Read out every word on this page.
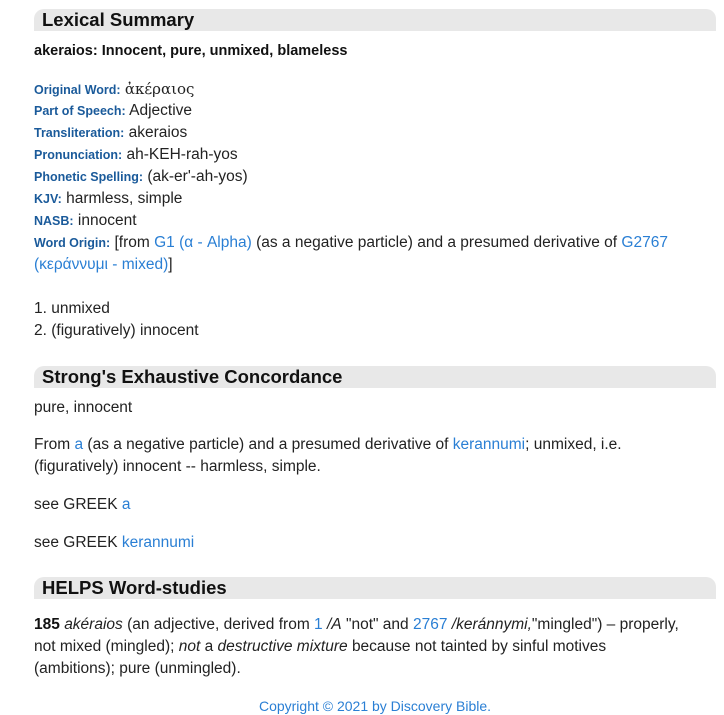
Lexical Summary
akeraios: Innocent, pure, unmixed, blameless
Original Word: ἀκέραιος
Part of Speech: Adjective
Transliteration: akeraios
Pronunciation: ah-KEH-rah-yos
Phonetic Spelling: (ak-er'-ah-yos)
KJV: harmless, simple
NASB: innocent
Word Origin: [from G1 (α - Alpha) (as a negative particle) and a presumed derivative of G2767
(κεράννυμι - mixed)]
1. unmixed
2. (figuratively) innocent
Strong's Exhaustive Concordance
pure, innocent
From a (as a negative particle) and a presumed derivative of kerannumi; unmixed, i.e.
(figuratively) innocent -- harmless, simple.
see GREEK a
see GREEK kerannumi
HELPS Word-studies
185 akéraios (an adjective, derived from 1 /A "not" and 2767 /keránnymi,"mingled") – properly,
not mixed (mingled); not a destructive mixture because not tainted by sinful motives
(ambitions); pure (unmingled).
Copyright © 2021 by Discovery Bible.
